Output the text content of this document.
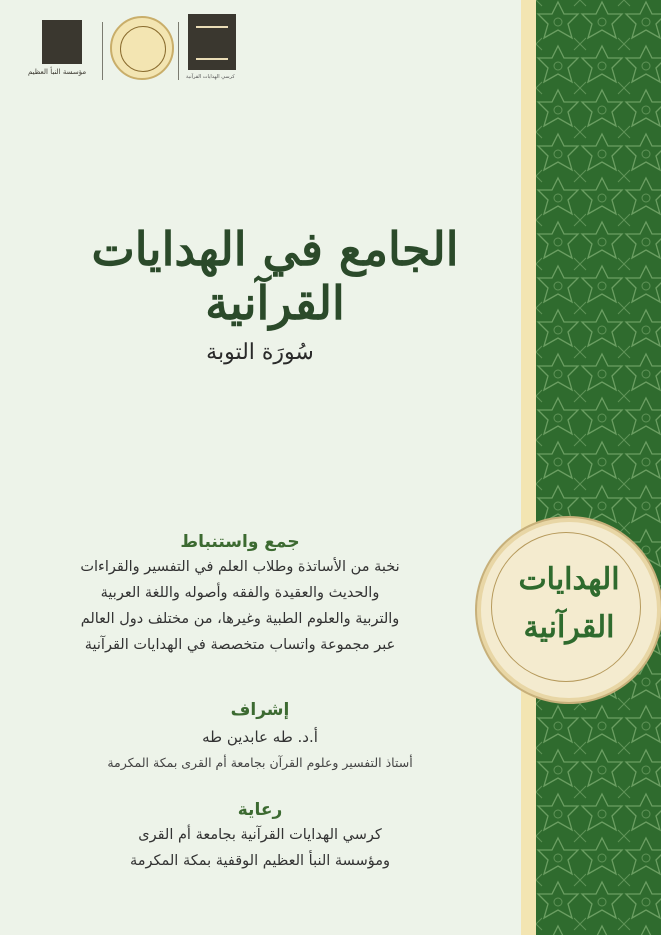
مؤسسة النبأ العظيم
كرسي الهدايات القرآنية
الجامع في الهدايات القرآنية
سُورَة التوبة
الهدايات القرآنية
جمع واستنباط
نخبة من الأساتذة وطلاب العلم في التفسير والقراءات
والحديث والعقيدة والفقه وأصوله واللغة العربية
والتربية والعلوم الطبية وغيرها، من مختلف دول العالم
عبر مجموعة واتساب متخصصة في الهدايات القرآنية
إشراف
أ.د. طه عابدين طه
أستاذ التفسير وعلوم القرآن بجامعة أم القرى بمكة المكرمة
رعاية
كرسي الهدايات القرآنية بجامعة أم القرى
ومؤسسة النبأ العظيم الوقفية بمكة المكرمة
